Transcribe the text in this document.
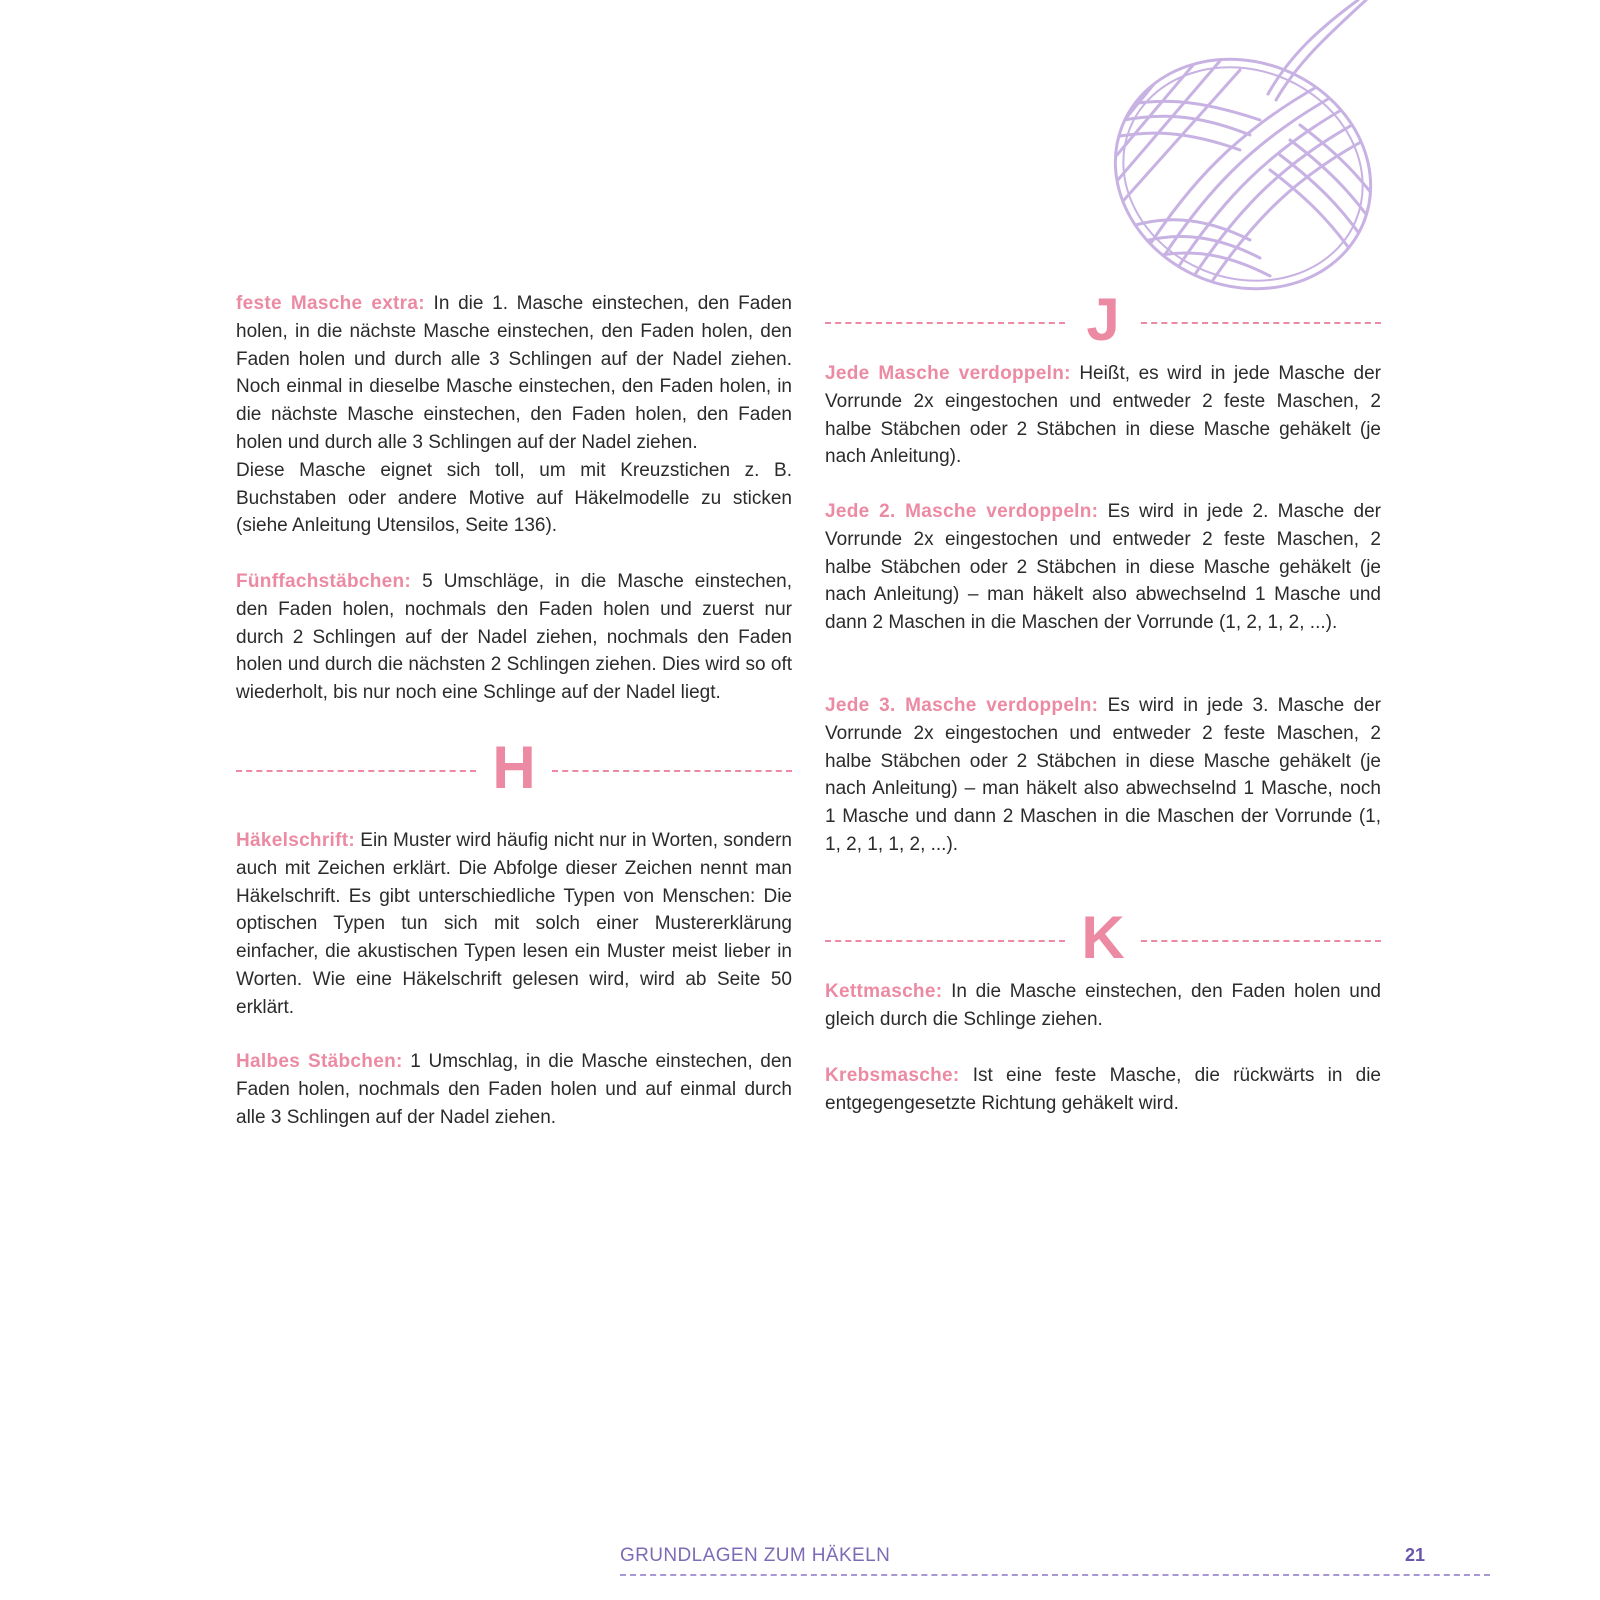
feste Masche extra: In die 1. Masche einstechen, den Faden holen, in die nächste Masche einstechen, den Faden holen, den Faden holen und durch alle 3 Schlingen auf der Nadel ziehen. Noch einmal in dieselbe Masche einstechen, den Faden holen, in die nächste Masche einstechen, den Faden holen, den Faden holen und durch alle 3 Schlingen auf der Nadel ziehen.
Diese Masche eignet sich toll, um mit Kreuzstichen z. B. Buchstaben oder andere Motive auf Häkelmodelle zu sticken (siehe Anleitung Utensilos, Seite 136).

Fünffachstäbchen: 5 Umschläge, in die Masche einstechen, den Faden holen, nochmals den Faden holen und zuerst nur durch 2 Schlingen auf der Nadel ziehen, nochmals den Faden holen und durch die nächsten 2 Schlingen ziehen. Dies wird so oft wiederholt, bis nur noch eine Schlinge auf der Nadel liegt.

H

Häkelschrift: Ein Muster wird häufig nicht nur in Worten, sondern auch mit Zeichen erklärt. Die Abfolge dieser Zeichen nennt man Häkelschrift. Es gibt unterschiedliche Typen von Menschen: Die optischen Typen tun sich mit solch einer Mustererklärung einfacher, die akustischen Typen lesen ein Muster meist lieber in Worten. Wie eine Häkelschrift gelesen wird, wird ab Seite 50 erklärt.

Halbes Stäbchen: 1 Umschlag, in die Masche einstechen, den Faden holen, nochmals den Faden holen und auf einmal durch alle 3 Schlingen auf der Nadel ziehen.

J

Jede Masche verdoppeln: Heißt, es wird in jede Masche der Vorrunde 2x eingestochen und entweder 2 feste Maschen, 2 halbe Stäbchen oder 2 Stäbchen in diese Masche gehäkelt (je nach Anleitung).

Jede 2. Masche verdoppeln: Es wird in jede 2. Masche der Vorrunde 2x eingestochen und entweder 2 feste Maschen, 2 halbe Stäbchen oder 2 Stäbchen in diese Masche gehäkelt (je nach Anleitung) – man häkelt also abwechselnd 1 Masche und dann 2 Maschen in die Maschen der Vorrunde (1, 2, 1, 2, ...).

Jede 3. Masche verdoppeln: Es wird in jede 3. Masche der Vorrunde 2x eingestochen und entweder 2 feste Maschen, 2 halbe Stäbchen oder 2 Stäbchen in diese Masche gehäkelt (je nach Anleitung) – man häkelt also abwechselnd 1 Masche, noch 1 Masche und dann 2 Maschen in die Maschen der Vorrunde (1, 1, 2, 1, 1, 2, ...).

K

Kettmasche: In die Masche einstechen, den Faden holen und gleich durch die Schlinge ziehen.

Krebsmasche: Ist eine feste Masche, die rückwärts in die entgegengesetzte Richtung gehäkelt wird.

GRUNDLAGEN ZUM HÄKELN	21
